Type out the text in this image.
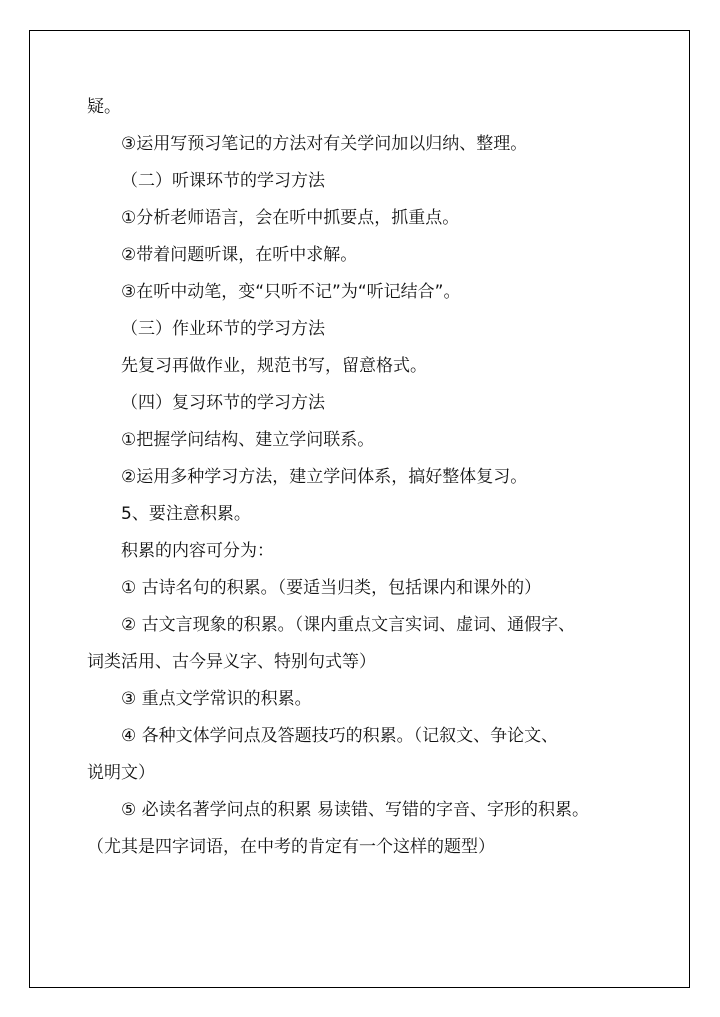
疑。
③运用写预习笔记的方法对有关学问加以归纳、整理。
（二）听课环节的学习方法
①分析老师语言，会在听中抓要点，抓重点。
②带着问题听课，在听中求解。
③在听中动笔，变“只听不记”为“听记结合”。
（三）作业环节的学习方法
先复习再做作业，规范书写，留意格式。
（四）复习环节的学习方法
①把握学问结构、建立学问联系。
②运用多种学习方法，建立学问体系，搞好整体复习。
5、要注意积累。
积累的内容可分为：
① 古诗名句的积累。（要适当归类，包括课内和课外的）
② 古文言现象的积累。（课内重点文言实词、虚词、通假字、
词类活用、古今异义字、特别句式等）
③ 重点文学常识的积累。
④ 各种文体学问点及答题技巧的积累。（记叙文、争论文、
说明文）
⑤ 必读名著学问点的积累 易读错、写错的字音、字形的积累。
（尤其是四字词语，在中考的肯定有一个这样的题型）
